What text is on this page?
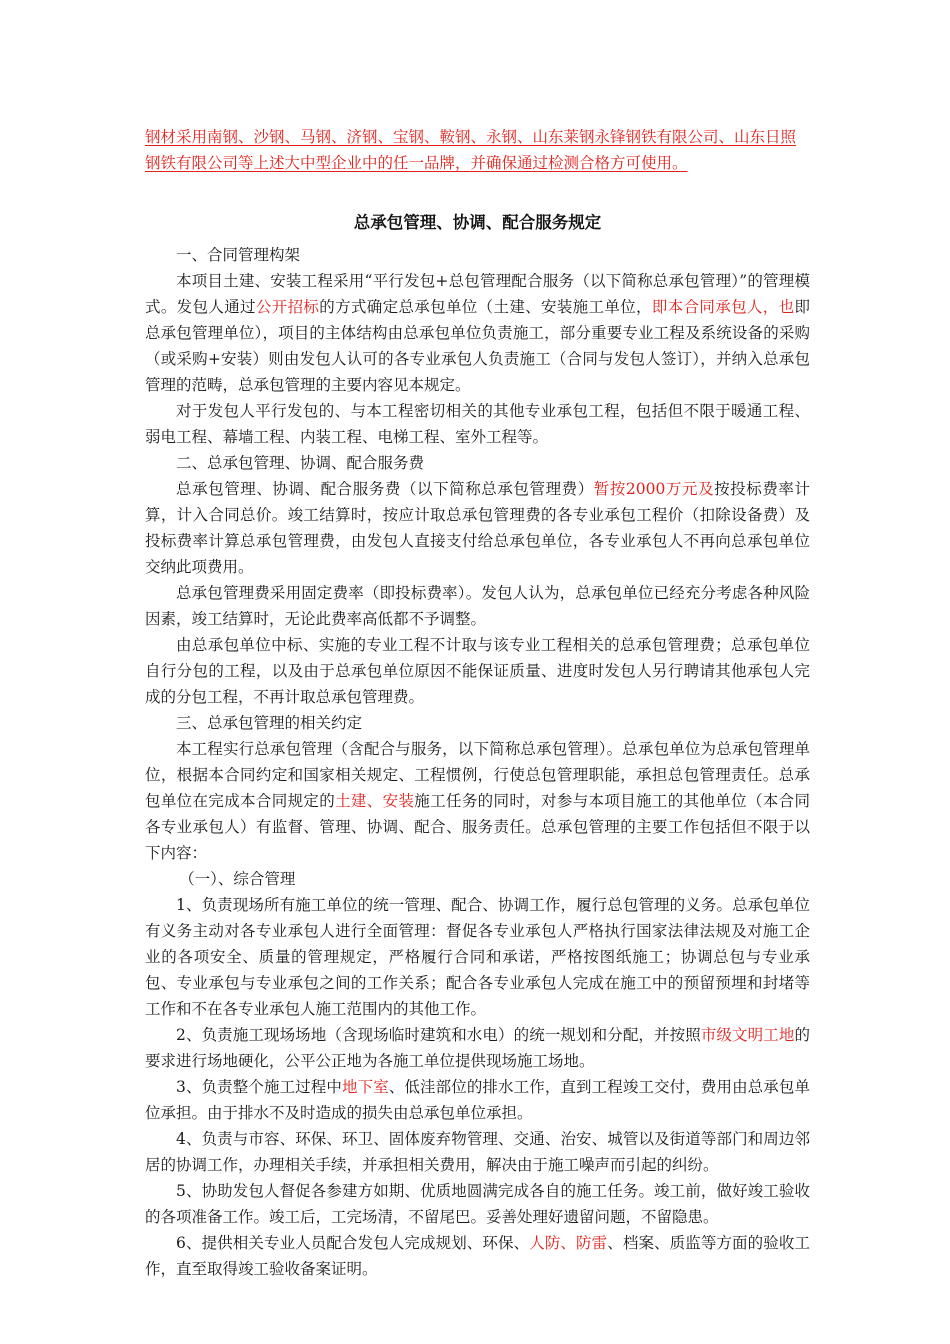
钢材采用南钢、沙钢、马钢、济钢、宝钢、鞍钢、永钢、山东莱钢永锋钢铁有限公司、山东日照钢铁有限公司等上述大中型企业中的任一品牌，并确保通过检测合格方可使用。

总承包管理、协调、配合服务规定

一、合同管理构架

本项目土建、安装工程采用“平行发包+总包管理配合服务（以下简称总承包管理）”的管理模式。发包人通过公开招标的方式确定总承包单位（土建、安装施工单位，即本合同承包人，也即总承包管理单位），项目的主体结构由总承包单位负责施工，部分重要专业工程及系统设备的采购（或采购+安装）则由发包人认可的各专业承包人负责施工（合同与发包人签订），并纳入总承包管理的范畴，总承包管理的主要内容见本规定。

对于发包人平行发包的、与本工程密切相关的其他专业承包工程，包括但不限于暖通工程、弱电工程、幕墙工程、内装工程、电梯工程、室外工程等。

二、总承包管理、协调、配合服务费

总承包管理、协调、配合服务费（以下简称总承包管理费）暂按2000万元及按投标费率计算，计入合同总价。竣工结算时，按应计取总承包管理费的各专业承包工程价（扣除设备费）及投标费率计算总承包管理费，由发包人直接支付给总承包单位，各专业承包人不再向总承包单位交纳此项费用。

总承包管理费采用固定费率（即投标费率）。发包人认为，总承包单位已经充分考虑各种风险因素，竣工结算时，无论此费率高低都不予调整。

由总承包单位中标、实施的专业工程不计取与该专业工程相关的总承包管理费；总承包单位自行分包的工程，以及由于总承包单位原因不能保证质量、进度时发包人另行聘请其他承包人完成的分包工程，不再计取总承包管理费。

三、总承包管理的相关约定

本工程实行总承包管理（含配合与服务，以下简称总承包管理）。总承包单位为总承包管理单位，根据本合同约定和国家相关规定、工程惯例，行使总包管理职能，承担总包管理责任。总承包单位在完成本合同规定的土建、安装施工任务的同时，对参与本项目施工的其他单位（本合同各专业承包人）有监督、管理、协调、配合、服务责任。总承包管理的主要工作包括但不限于以下内容：

（一）、综合管理

1、负责现场所有施工单位的统一管理、配合、协调工作，履行总包管理的义务。总承包单位有义务主动对各专业承包人进行全面管理：督促各专业承包人严格执行国家法律法规及对施工企业的各项安全、质量的管理规定，严格履行合同和承诺，严格按图纸施工；协调总包与专业承包、专业承包与专业承包之间的工作关系；配合各专业承包人完成在施工中的预留预埋和封堵等工作和不在各专业承包人施工范围内的其他工作。

2、负责施工现场场地（含现场临时建筑和水电）的统一规划和分配，并按照市级文明工地的要求进行场地硬化，公平公正地为各施工单位提供现场施工场地。

3、负责整个施工过程中地下室、低洼部位的排水工作，直到工程竣工交付，费用由总承包单位承担。由于排水不及时造成的损失由总承包单位承担。

4、负责与市容、环保、环卫、固体废弃物管理、交通、治安、城管以及街道等部门和周边邻居的协调工作，办理相关手续，并承担相关费用，解决由于施工噪声而引起的纠纷。

5、协助发包人督促各参建方如期、优质地圆满完成各自的施工任务。竣工前，做好竣工验收的各项准备工作。竣工后，工完场清，不留尾巴。妥善处理好遗留问题，不留隐患。

6、提供相关专业人员配合发包人完成规划、环保、人防、防雷、档案、质监等方面的验收工作，直至取得竣工验收备案证明。
